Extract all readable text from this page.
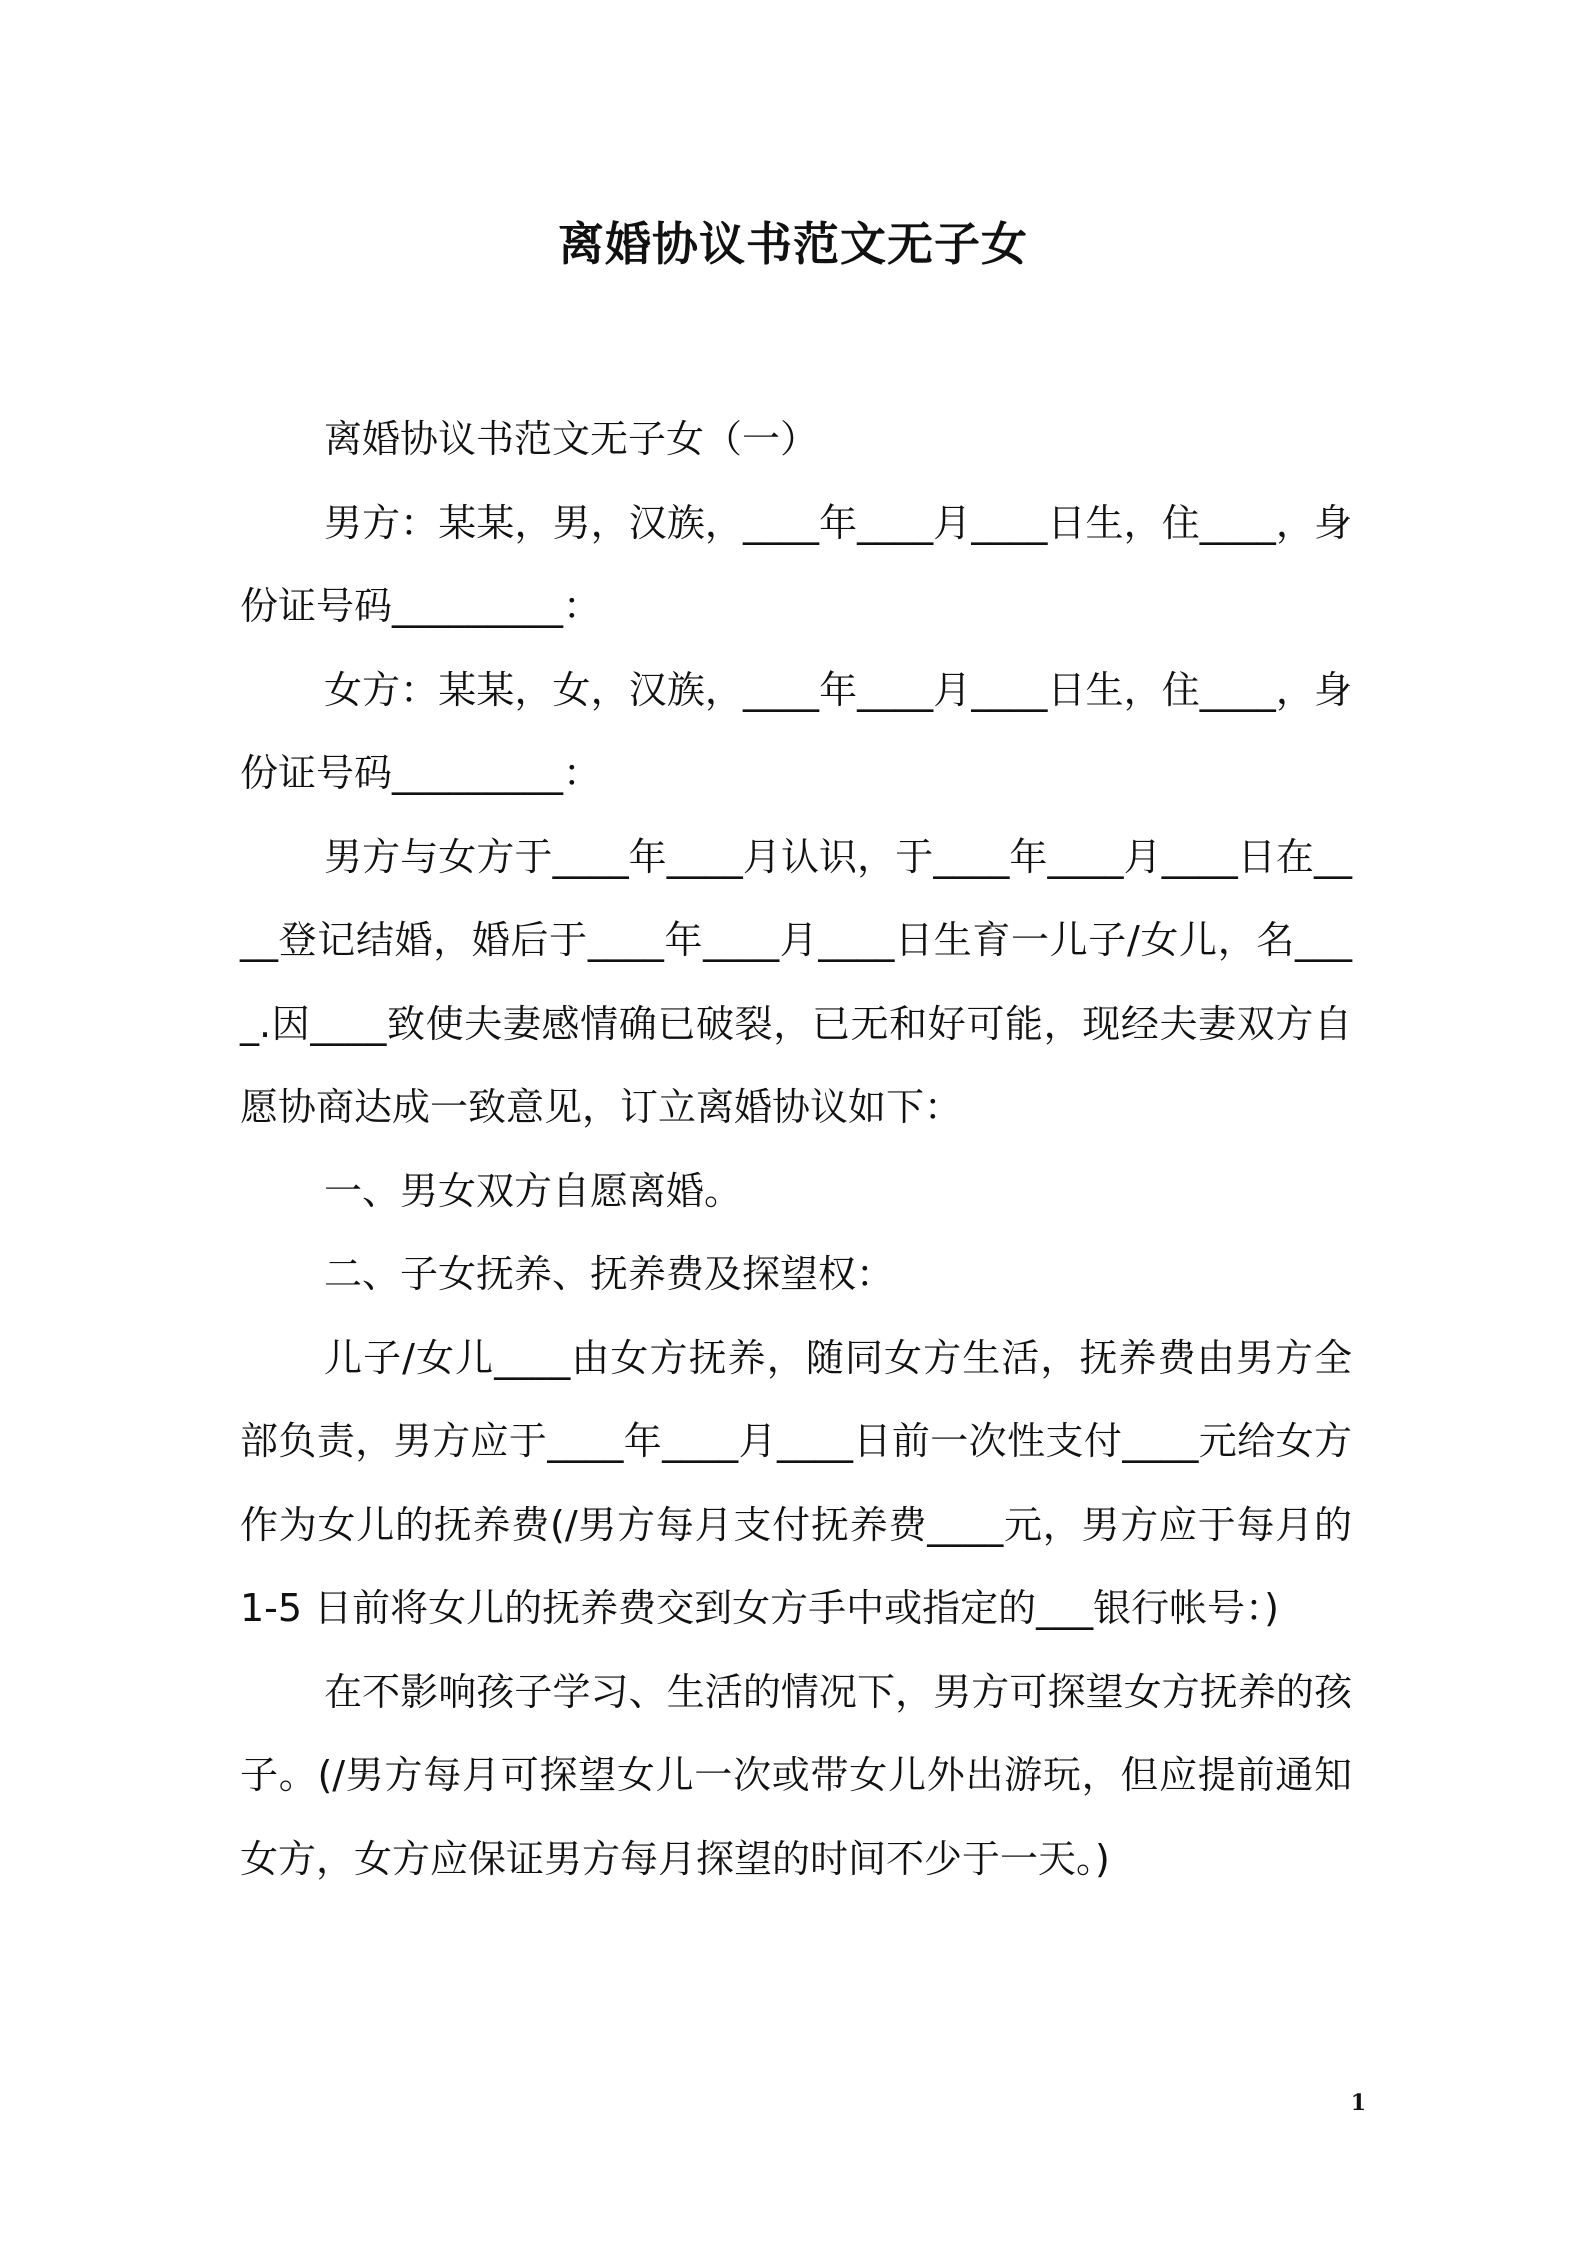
离婚协议书范文无子女

离婚协议书范文无子女（一）

男方：某某，男，汉族，____年____月____日生，住____，身份证号码_________：

女方：某某，女，汉族，____年____月____日生，住____，身份证号码_________：

男方与女方于____年____月认识，于____年____月____日在____登记结婚，婚后于____年____月____日生育一儿子/女儿，名____.因____致使夫妻感情确已破裂，已无和好可能，现经夫妻双方自愿协商达成一致意见，订立离婚协议如下：

一、男女双方自愿离婚。

二、子女抚养、抚养费及探望权：

儿子/女儿____由女方抚养，随同女方生活，抚养费由男方全部负责，男方应于____年____月____日前一次性支付____元给女方作为女儿的抚养费(/男方每月支付抚养费____元，男方应于每月的 1-5 日前将女儿的抚养费交到女方手中或指定的___银行帐号：)

在不影响孩子学习、生活的情况下，男方可探望女方抚养的孩子。(/男方每月可探望女儿一次或带女儿外出游玩，但应提前通知女方，女方应保证男方每月探望的时间不少于一天。)

1
